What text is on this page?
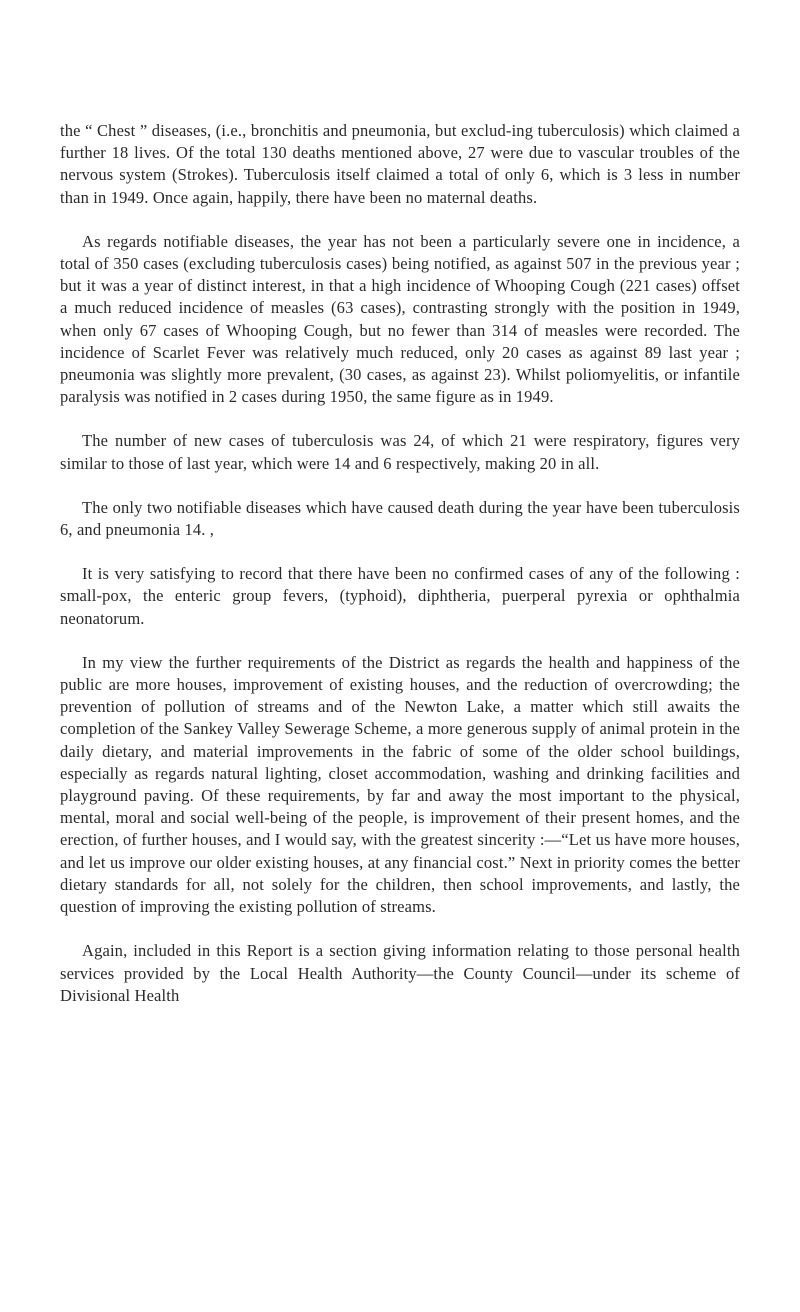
the “ Chest ” diseases, (i.e., bronchitis and pneumonia, but exclud-ing tuberculosis) which claimed a further 18 lives. Of the total 130 deaths mentioned above, 27 were due to vascular troubles of the nervous system (Strokes). Tuberculosis itself claimed a total of only 6, which is 3 less in number than in 1949. Once again, happily, there have been no maternal deaths.

As regards notifiable diseases, the year has not been a particularly severe one in incidence, a total of 350 cases (excluding tuberculosis cases) being notified, as against 507 in the previous year ; but it was a year of distinct interest, in that a high incidence of Whooping Cough (221 cases) offset a much reduced incidence of measles (63 cases), contrasting strongly with the position in 1949, when only 67 cases of Whooping Cough, but no fewer than 314 of measles were recorded. The incidence of Scarlet Fever was relatively much reduced, only 20 cases as against 89 last year ; pneumonia was slightly more prevalent, (30 cases, as against 23). Whilst poliomyelitis, or infantile paralysis was notified in 2 cases during 1950, the same figure as in 1949.

The number of new cases of tuberculosis was 24, of which 21 were respiratory, figures very similar to those of last year, which were 14 and 6 respectively, making 20 in all.

The only two notifiable diseases which have caused death during the year have been tuberculosis 6, and pneumonia 14. ,

It is very satisfying to record that there have been no confirmed cases of any of the following : small-pox, the enteric group fevers, (typhoid), diphtheria, puerperal pyrexia or ophthalmia neonatorum.

In my view the further requirements of the District as regards the health and happiness of the public are more houses, improvement of existing houses, and the reduction of overcrowding; the prevention of pollution of streams and of the Newton Lake, a matter which still awaits the completion of the Sankey Valley Sewerage Scheme, a more generous supply of animal protein in the daily dietary, and material improvements in the fabric of some of the older school buildings, especially as regards natural lighting, closet accommodation, washing and drinking facilities and playground paving. Of these requirements, by far and away the most important to the physical, mental, moral and social well-being of the people, is improvement of their present homes, and the erection, of further houses, and I would say, with the greatest sincerity :—“Let us have more houses, and let us improve our older existing houses, at any financial cost.” Next in priority comes the better dietary standards for all, not solely for the children, then school improvements, and lastly, the question of improving the existing pollution of streams.

Again, included in this Report is a section giving information relating to those personal health services provided by the Local Health Authority—the County Council—under its scheme of Divisional Health
